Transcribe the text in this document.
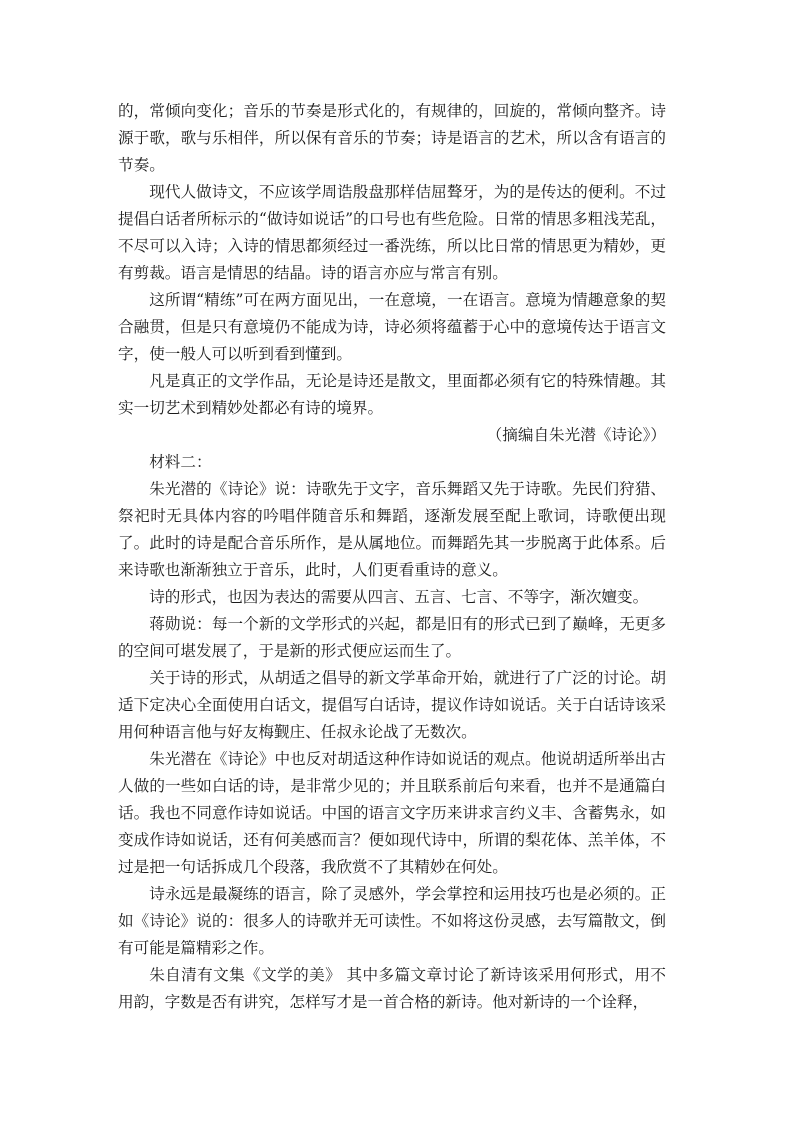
的，常倾向变化；音乐的节奏是形式化的，有规律的，回旋的，常倾向整齐。诗源于歌，歌与乐相伴，所以保有音乐的节奏；诗是语言的艺术，所以含有语言的节奏。

现代人做诗文，不应该学周诰殷盘那样佶屈聱牙，为的是传达的便利。不过提倡白话者所标示的“做诗如说话”的口号也有些危险。日常的情思多粗浅芜乱，不尽可以入诗；入诗的情思都须经过一番洗练，所以比日常的情思更为精妙，更有剪裁。语言是情思的结晶。诗的语言亦应与常言有别。

这所谓“精练”可在两方面见出，一在意境，一在语言。意境为情趣意象的契合融贯，但是只有意境仍不能成为诗，诗必须将蕴蓄于心中的意境传达于语言文字，使一般人可以听到看到懂到。

凡是真正的文学作品，无论是诗还是散文，里面都必须有它的特殊情趣。其实一切艺术到精妙处都必有诗的境界。

（摘编自朱光潜《诗论》）

材料二：

朱光潜的《诗论》说：诗歌先于文字，音乐舞蹈又先于诗歌。先民们狩猎、祭祀时无具体内容的吟唱伴随音乐和舞蹈，逐渐发展至配上歌词，诗歌便出现了。此时的诗是配合音乐所作，是从属地位。而舞蹈先其一步脱离于此体系。后来诗歌也渐渐独立于音乐，此时，人们更看重诗的意义。

诗的形式，也因为表达的需要从四言、五言、七言、不等字，渐次嬗变。

蒋勋说：每一个新的文学形式的兴起，都是旧有的形式已到了巅峰，无更多的空间可堪发展了，于是新的形式便应运而生了。

关于诗的形式，从胡适之倡导的新文学革命开始，就进行了广泛的讨论。胡适下定决心全面使用白话文，提倡写白话诗，提议作诗如说话。关于白话诗该采用何种语言他与好友梅觐庄、任叔永论战了无数次。

朱光潜在《诗论》中也反对胡适这种作诗如说话的观点。他说胡适所举出古人做的一些如白话的诗，是非常少见的；并且联系前后句来看，也并不是通篇白话。我也不同意作诗如说话。中国的语言文字历来讲求言约义丰、含蓄隽永，如变成作诗如说话，还有何美感而言？便如现代诗中，所谓的梨花体、羔羊体，不过是把一句话拆成几个段落，我欣赏不了其精妙在何处。

诗永远是最凝练的语言，除了灵感外，学会掌控和运用技巧也是必须的。正如《诗论》说的：很多人的诗歌并无可读性。不如将这份灵感，去写篇散文，倒有可能是篇精彩之作。

朱自清有文集《文学的美》 其中多篇文章讨论了新诗该采用何形式，用不用韵，字数是否有讲究，怎样写才是一首合格的新诗。他对新诗的一个诠释，
